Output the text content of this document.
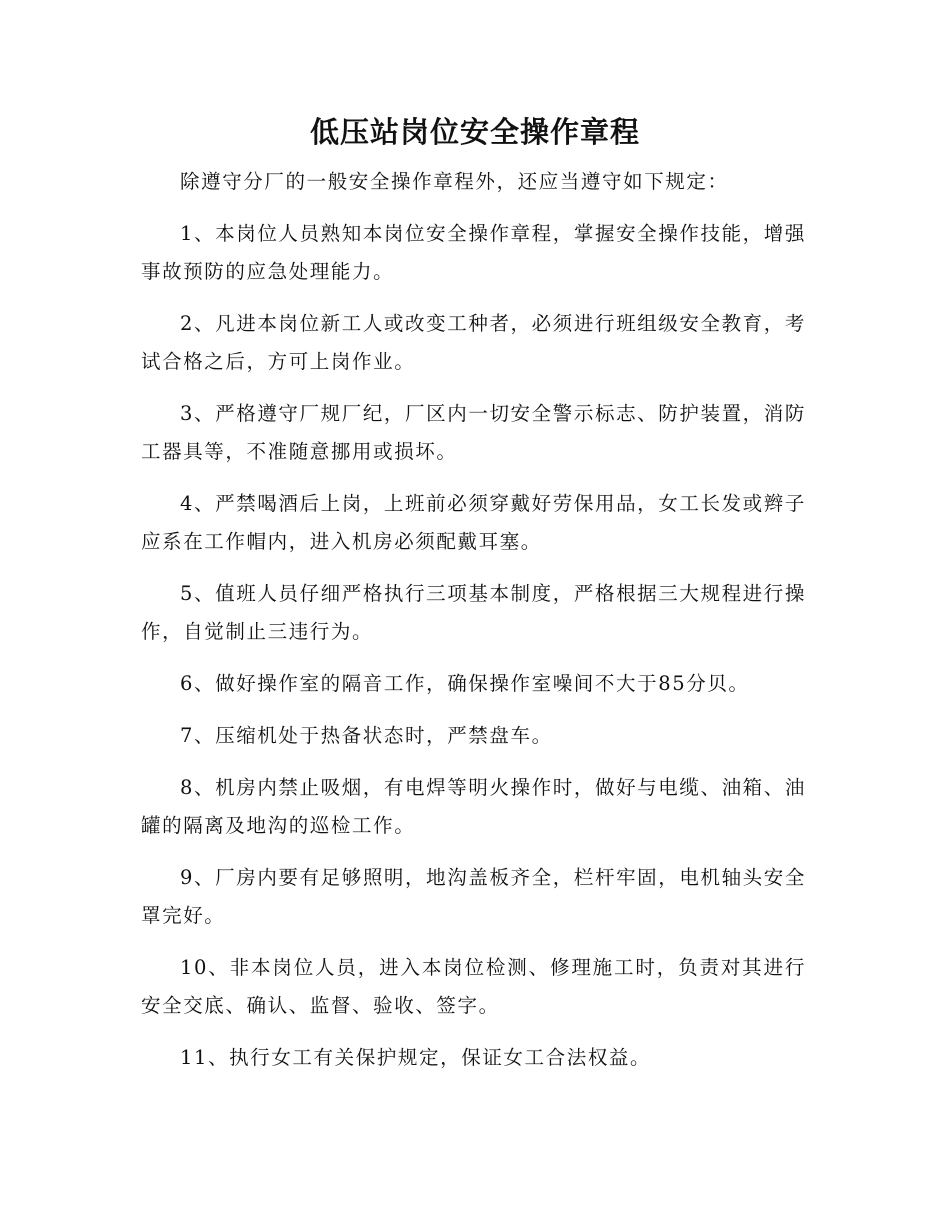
低压站岗位安全操作章程

除遵守分厂的一般安全操作章程外，还应当遵守如下规定：

1、本岗位人员熟知本岗位安全操作章程，掌握安全操作技能，增强事故预防的应急处理能力。

2、凡进本岗位新工人或改变工种者，必须进行班组级安全教育，考试合格之后，方可上岗作业。

3、严格遵守厂规厂纪，厂区内一切安全警示标志、防护装置，消防工器具等，不准随意挪用或损坏。

4、严禁喝酒后上岗，上班前必须穿戴好劳保用品，女工长发或辫子应系在工作帽内，进入机房必须配戴耳塞。

5、值班人员仔细严格执行三项基本制度，严格根据三大规程进行操作，自觉制止三违行为。

6、做好操作室的隔音工作，确保操作室噪间不大于85分贝。

7、压缩机处于热备状态时，严禁盘车。

8、机房内禁止吸烟，有电焊等明火操作时，做好与电缆、油箱、油罐的隔离及地沟的巡检工作。

9、厂房内要有足够照明，地沟盖板齐全，栏杆牢固，电机轴头安全罩完好。

10、非本岗位人员，进入本岗位检测、修理施工时，负责对其进行安全交底、确认、监督、验收、签字。

11、执行女工有关保护规定，保证女工合法权益。
